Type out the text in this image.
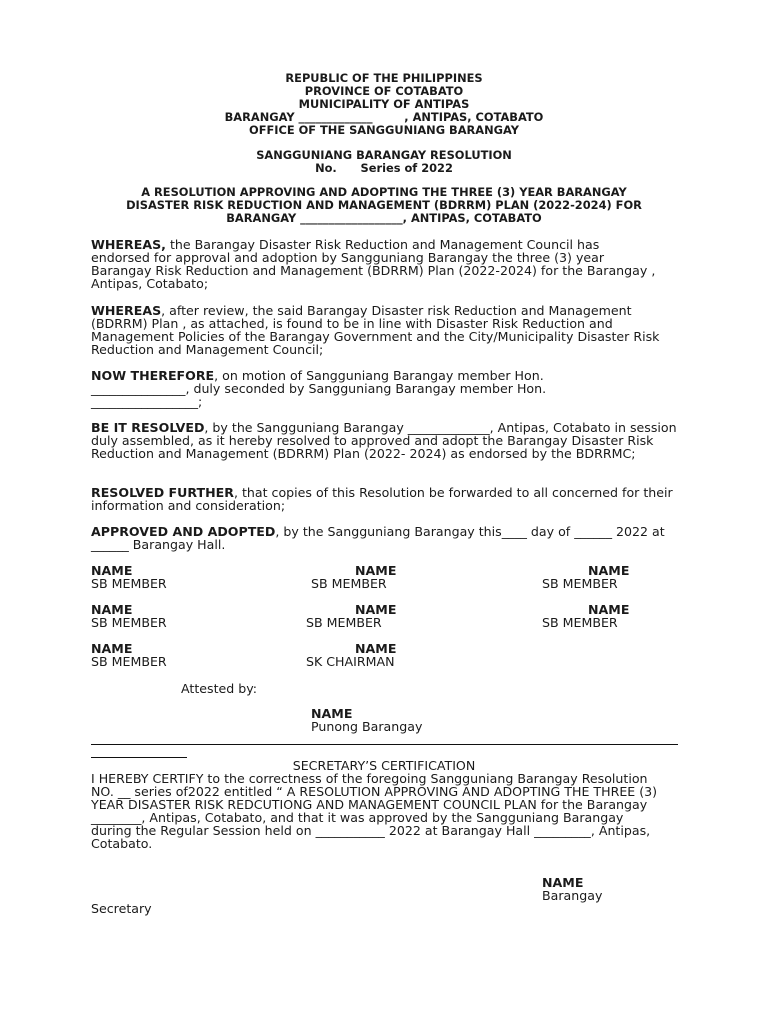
REPUBLIC OF THE PHILIPPINES
PROVINCE OF COTABATO
MUNICIPALITY OF ANTIPAS
BARANGAY _____________        , ANTIPAS, COTABATO
OFFICE OF THE SANGGUNIANG BARANGAY
SANGGUNIANG BARANGAY RESOLUTION
No.      Series of 2022
A RESOLUTION APPROVING AND ADOPTING THE THREE (3) YEAR BARANGAY
DISASTER RISK REDUCTION AND MANAGEMENT (BDRRM) PLAN (2022-2024) FOR
BARANGAY __________________, ANTIPAS, COTABATO

WHEREAS, the Barangay Disaster Risk Reduction and Management Council has endorsed for approval and adoption by Sangguniang Barangay the three (3) year Barangay Risk Reduction and Management (BDRRM) Plan (2022-2024) for the Barangay , Antipas, Cotabato;

WHEREAS, after review, the said Barangay Disaster risk Reduction and Management (BDRRM) Plan , as attached, is found to be in line with Disaster Risk Reduction and Management Policies of the Barangay Government and the City/Municipality Disaster Risk Reduction and Management Council;

NOW THEREFORE, on motion of Sangguniang Barangay member Hon. _______________, duly seconded by Sangguniang Barangay member Hon. _________________;

BE IT RESOLVED, by the Sangguniang Barangay _____________, Antipas, Cotabato in session duly assembled, as it hereby resolved to approved and adopt the Barangay Disaster Risk Reduction and Management (BDRRM) Plan (2022- 2024) as endorsed by the BDRRMC;

RESOLVED FURTHER, that copies of this Resolution be forwarded to all concerned for their information and consideration;

APPROVED AND ADOPTED, by the Sangguniang Barangay this____ day of ______ 2022 at ______ Barangay Hall.

NAME
SB MEMBER
NAME
SB MEMBER
NAME
SB MEMBER
NAME
SB MEMBER
NAME
SB MEMBER
NAME
SB MEMBER
NAME
SB MEMBER
NAME
SK CHAIRMAN
Attested by:
NAME
Punong Barangay
SECRETARY’S CERTIFICATION

I HEREBY CERTIFY to the correctness of the foregoing Sangguniang Barangay Resolution NO. __ series of2022 entitled “ A RESOLUTION APPROVING AND ADOPTING THE THREE (3) YEAR DISASTER RISK REDCUTIONG AND MANAGEMENT COUNCIL PLAN for the Barangay ________, Antipas, Cotabato, and that it was approved by the Sangguniang Barangay during the Regular Session held on ___________ 2022 at Barangay Hall _________, Antipas, Cotabato.

NAME
Barangay
Secretary
